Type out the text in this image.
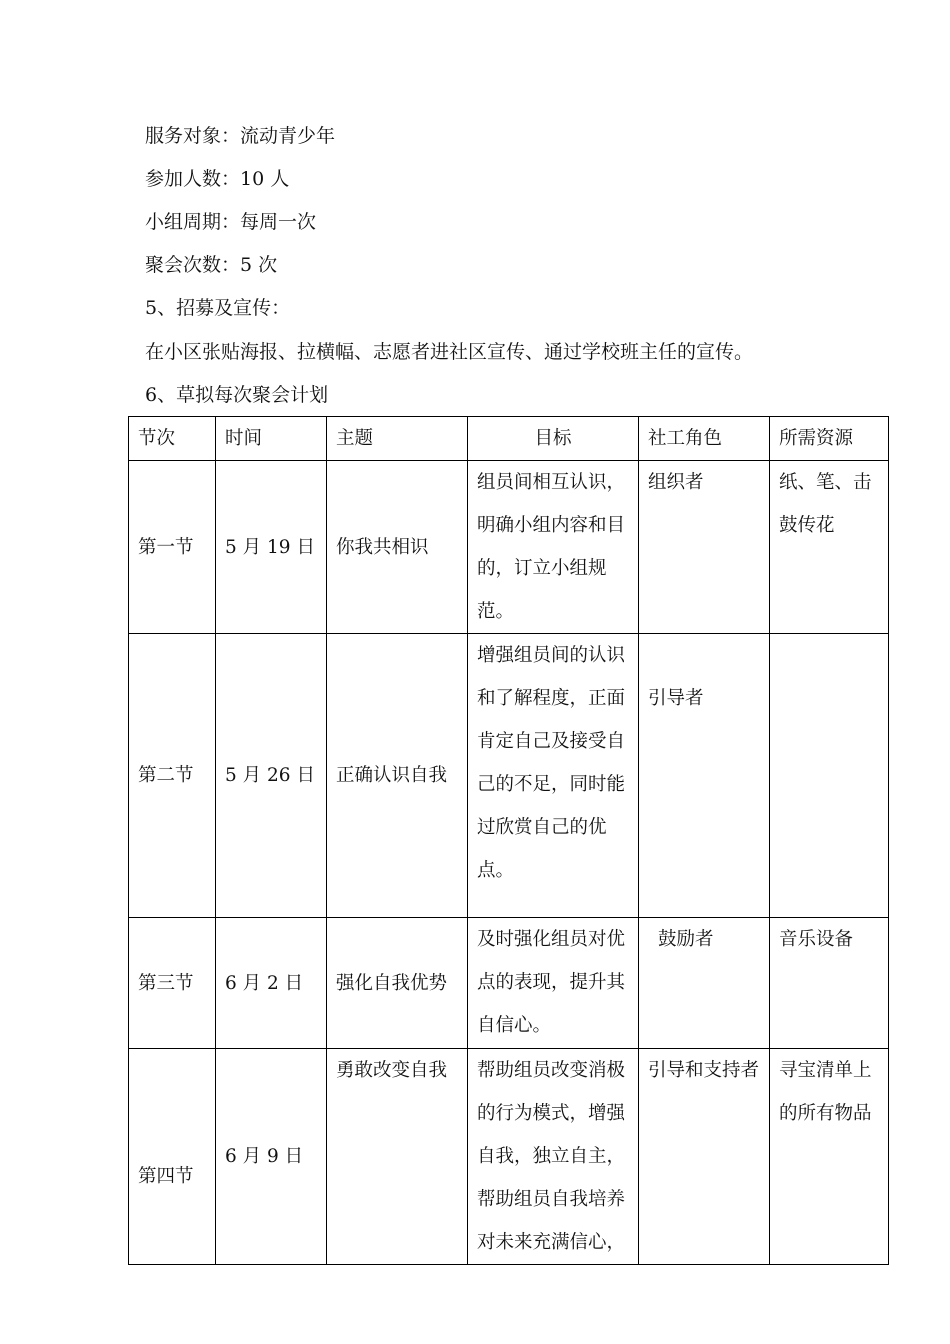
服务对象：流动青少年
参加人数：10 人
小组周期：每周一次
聚会次数：5 次
5、招募及宣传：
在小区张贴海报、拉横幅、志愿者进社区宣传、通过学校班主任的宣传。
6、草拟每次聚会计划
节次	时间	主题	目标	社工角色	所需资源
第一节	5 月 19 日	你我共相识	组员间相互认识，明确小组内容和目的，订立小组规范。	组织者	纸、笔、击鼓传花
第二节	5 月 26 日	正确认识自我	增强组员间的认识和了解程度，正面肯定自己及接受自己的不足，同时能过欣赏自己的优点。	引导者	

第三节	6 月 2 日	强化自我优势	及时强化组员对优点的表现，提升其自信心。	鼓励者	音乐设备
第四节	6 月 9 日	勇敢改变自我	帮助组员改变消极的行为模式，增强自我，独立自主，帮助组员自我培养对未来充满信心，	引导和支持者	寻宝清单上的所有物品
